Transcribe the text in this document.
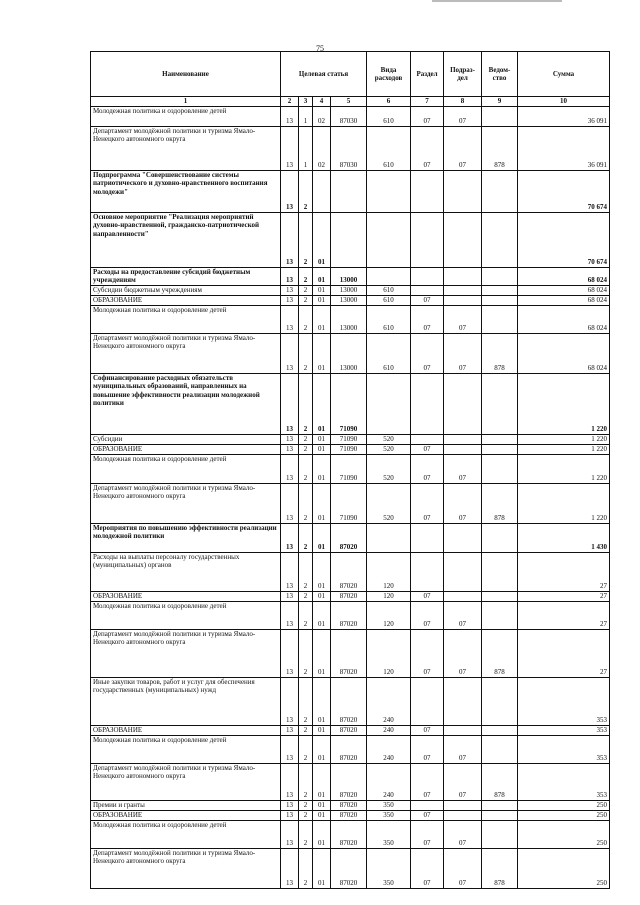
75
Наименование	Целевая статья				Вида расходов	Раздел	Подраз-дел	Ведом-ство	Сумма
1	2	3	4	5	6	7	8	9	10
Молодежная политика и оздоровление детей	13	1	02	87030	610	07	07		36 091
Департамент молодёжной политики и туризма Ямало-Ненецкого автономного округа	13	1	02	87030	610	07	07	878	36 091
Подпрограмма "Совершенствование системы патриотического и духовно-нравственного воспитания молодежи"	13	2							70 674
Основное мероприятие "Реализация мероприятий духовно-нравственной, гражданско-патриотической направленности"	13	2	01						70 674
Расходы на предоставление субсидий бюджетным учреждениям	13	2	01	13000					68 024
Субсидии бюджетным учреждениям	13	2	01	13000	610				68 024
ОБРАЗОВАНИЕ	13	2	01	13000	610	07			68 024
Молодежная политика и оздоровление детей	13	2	01	13000	610	07	07		68 024
Департамент молодёжной политики и туризма Ямало-Ненецкого автономного округа	13	2	01	13000	610	07	07	878	68 024
Софинансирование расходных обязательств муниципальных образований, направленных на повышение эффективности реализации молодежной политики	13	2	01	71090					1 220
Субсидии	13	2	01	71090	520				1 220
ОБРАЗОВАНИЕ	13	2	01	71090	520	07			1 220
Молодежная политика и оздоровление детей	13	2	01	71090	520	07	07		1 220
Департамент молодёжной политики и туризма Ямало-Ненецкого автономного округа	13	2	01	71090	520	07	07	878	1 220
Мероприятия по повышению эффективности реализации молодежной политики	13	2	01	87020					1 430
Расходы на выплаты персоналу государственных (муниципальных) органов	13	2	01	87020	120				27
ОБРАЗОВАНИЕ	13	2	01	87020	120	07			27
Молодежная политика и оздоровление детей	13	2	01	87020	120	07	07		27
Департамент молодёжной политики и туризма Ямало-Ненецкого автономного округа	13	2	01	87020	120	07	07	878	27
Иные закупки товаров, работ и услуг для обеспечения государственных (муниципальных) нужд	13	2	01	87020	240				353
ОБРАЗОВАНИЕ	13	2	01	87020	240	07			353
Молодежная политика и оздоровление детей	13	2	01	87020	240	07	07		353
Департамент молодёжной политики и туризма Ямало-Ненецкого автономного округа	13	2	01	87020	240	07	07	878	353
Премии и гранты	13	2	01	87020	350				250
ОБРАЗОВАНИЕ	13	2	01	87020	350	07			250
Молодежная политика и оздоровление детей	13	2	01	87020	350	07	07		250
Департамент молодёжной политики и туризма Ямало-Ненецкого автономного округа	13	2	01	87020	350	07	07	878	250
